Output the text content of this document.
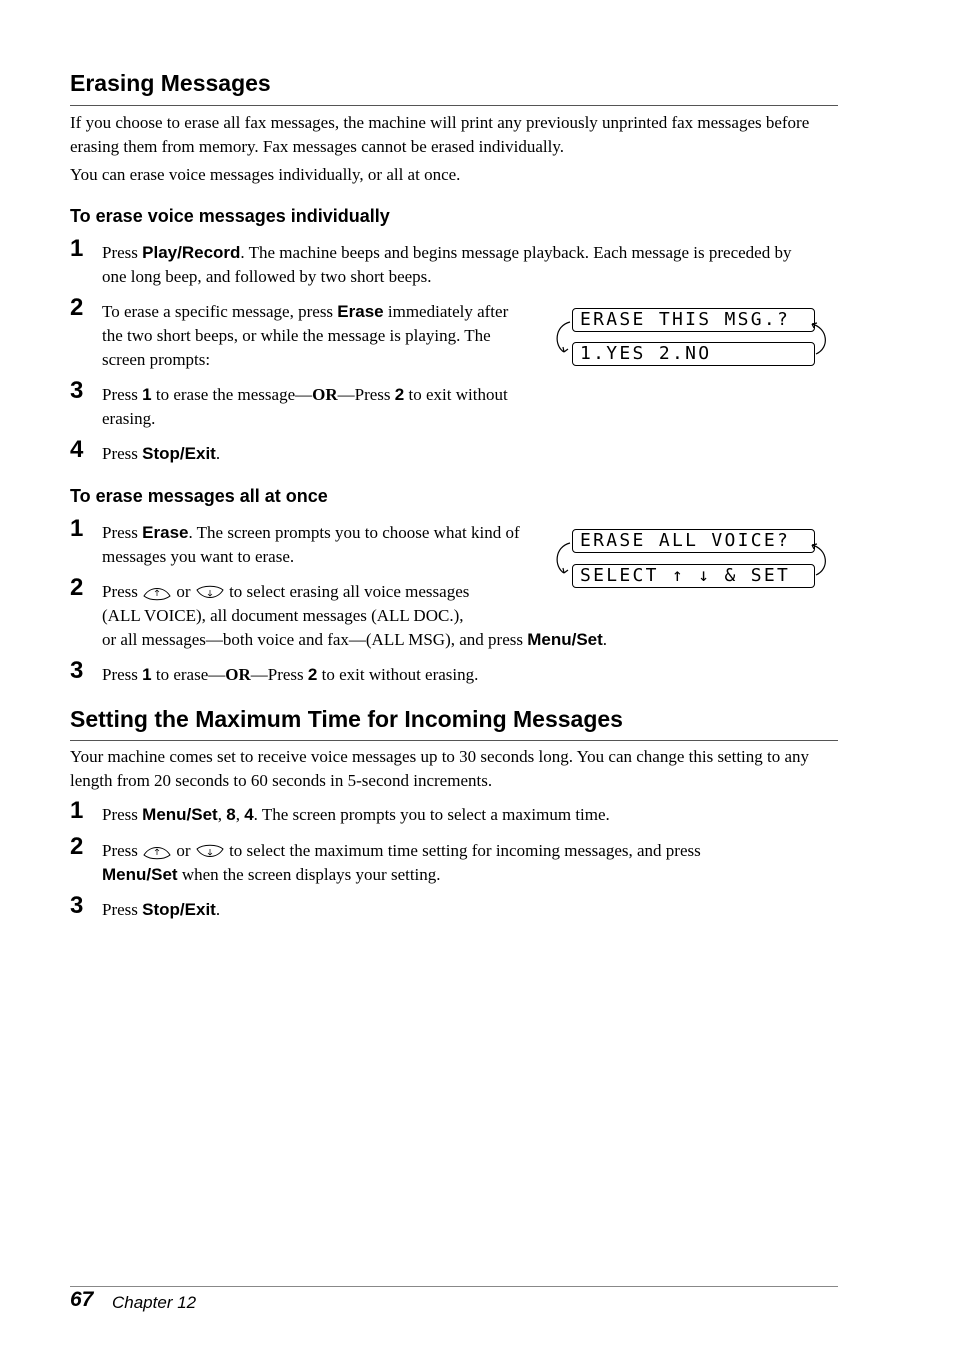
Erasing Messages

If you choose to erase all fax messages, the machine will print any previously unprinted fax messages before erasing them from memory. Fax messages cannot be erased individually.

You can erase voice messages individually, or all at once.

To erase voice messages individually
1 Press Play/Record. The machine beeps and begins message playback. Each message is preceded by one long beep, and followed by two short beeps.
2 To erase a specific message, press Erase immediately after the two short beeps, or while the message is playing. The screen prompts:
3 Press 1 to erase the message—OR—Press 2 to exit without erasing.
4 Press Stop/Exit.
ERASE THIS MSG.?
1.YES 2.NO
To erase messages all at once
1 Press Erase. The screen prompts you to choose what kind of messages you want to erase.
2 Press  or  to select erasing all voice messages
(ALL VOICE), all document messages (ALL DOC.),
or all messages—both voice and fax—(ALL MSG), and press Menu/Set.
3 Press 1 to erase—OR—Press 2 to exit without erasing.
ERASE ALL VOICE?
SELECT ↑ ↓ & SET
Setting the Maximum Time for Incoming Messages

Your machine comes set to receive voice messages up to 30 seconds long. You can change this setting to any length from 20 seconds to 60 seconds in 5-second increments.

1 Press Menu/Set, 8, 4. The screen prompts you to select a maximum time.
2 Press  or  to select the maximum time setting for incoming messages, and press
Menu/Set when the screen displays your setting.
3 Press Stop/Exit.
67 Chapter 12
